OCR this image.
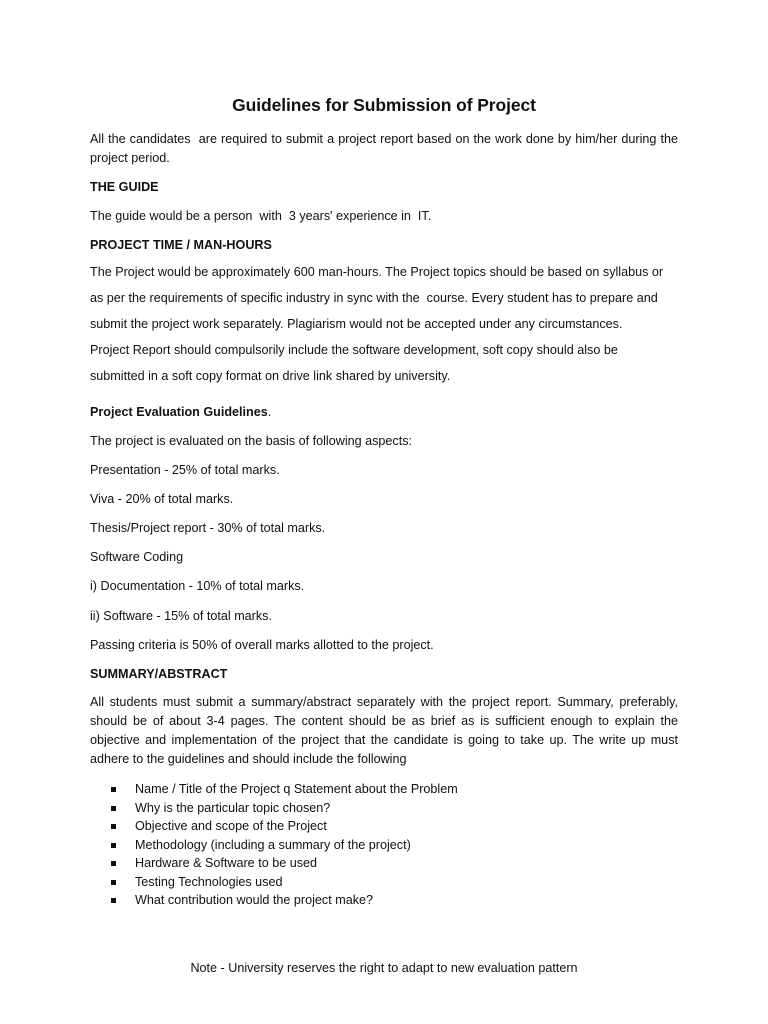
Guidelines for Submission of Project
All the candidates  are required to submit a project report based on the work done by him/her during the project period.
THE GUIDE
The guide would be a person  with  3 years' experience in  IT.
PROJECT TIME / MAN-HOURS
The Project would be approximately 600 man-hours. The Project topics should be based on syllabus or
as per the requirements of specific industry in sync with the  course. Every student has to prepare and
submit the project work separately. Plagiarism would not be accepted under any circumstances.
Project Report should compulsorily include the software development, soft copy should also be
submitted in a soft copy format on drive link shared by university.
Project Evaluation Guidelines.
The project is evaluated on the basis of following aspects:
Presentation - 25% of total marks.
Viva - 20% of total marks.
Thesis/Project report - 30% of total marks.
Software Coding
i) Documentation - 10% of total marks.
ii) Software - 15% of total marks.
Passing criteria is 50% of overall marks allotted to the project.
SUMMARY/ABSTRACT
All students must submit a summary/abstract separately with the project report. Summary, preferably, should be of about 3-4 pages. The content should be as brief as is sufficient enough to explain the objective and implementation of the project that the candidate is going to take up. The write up must adhere to the guidelines and should include the following
Name / Title of the Project q Statement about the Problem
Why is the particular topic chosen?
Objective and scope of the Project
Methodology (including a summary of the project)
Hardware & Software to be used
Testing Technologies used
What contribution would the project make?
Note - University reserves the right to adapt to new evaluation pattern
